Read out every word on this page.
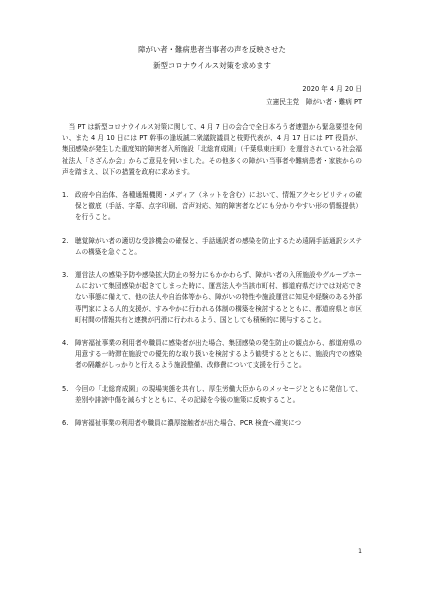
障がい者・難病患者当事者の声を反映させた
新型コロナウイルス対策を求めます
2020 年 4 月 20 日
立憲民主党　障がい者・難病 PT

当 PT は新型コロナウイルス対策に関して、4 月 7 日の会合で全日本ろう者連盟から緊急要望を伺い、また 4 月 10 日には PT 幹事の逢坂誠二衆議院議員と枝野代表が、4 月 17 日には PT 役員が、集団感染が発生した重度知的障害者入所施設「北総育成園」（千葉県東庄町）を運営されている社会福祉法人「さざんか会」からご意見を伺いました。その他多くの障がい当事者や難病患者・家族からの声を踏まえ、以下の措置を政府に求めます。

1.	政府や自治体、各種通報機関・メディア（ネットを含む）において、情報アクセシビリティの確保と徹底（手話、字幕、点字印刷、音声対応、知的障害者などにも分かりやすい形の情報提供）を行うこと。
2.	聴覚障がい者の適切な受診機会の確保と、手話通訳者の感染を防止するため遠隔手話通訳システムの構築を急ぐこと。
3.	運営法人の感染予防や感染拡大防止の努力にもかかわらず、障がい者の入所施設やグループホームにおいて集団感染が起きてしまった時に、運営法人や当該市町村、都道府県だけでは対応できない事態に備えて、他の法人や自治体等から、障がいの特性や施設運営に知見や経験のある外部専門家による人的支援が、すみやかに行われる体制の構築を検討するとともに、都道府県と市区町村間の情報共有と連携が円滑に行われるよう、国としても積極的に関与すること。
4.	障害福祉事業の利用者や職員に感染者が出た場合、集団感染の発生防止の観点から、都道府県の用意する一時滞在施設での優先的な取り扱いを検討するよう勧奨するとともに、施設内での感染者の隔離がしっかりと行えるよう施設整備、改修費について支援を行うこと。
5.	今回の「北総育成園」の現場実態を共有し、厚生労働大臣からのメッセージとともに発信して、差別や誹謗中傷を減らすとともに、その記録を今後の施策に反映すること。
6.	障害福祉事業の利用者や職員に濃厚接触者が出た場合、PCR 検査へ確実につ
1
